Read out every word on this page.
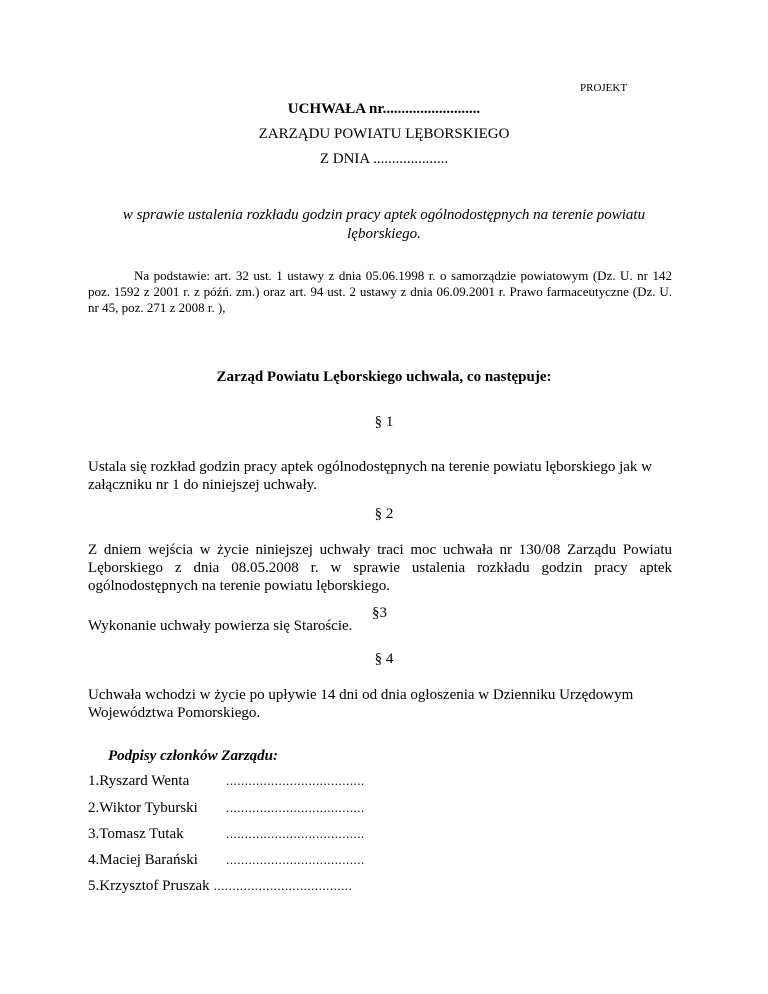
PROJEKT

UCHWAŁA nr..........................

ZARZĄDU POWIATU LĘBORSKIEGO

Z DNIA ....................

w sprawie ustalenia rozkładu godzin pracy aptek ogólnodostępnych na terenie powiatu lęborskiego.

Na podstawie: art. 32 ust. 1 ustawy z dnia 05.06.1998 r. o samorządzie powiatowym (Dz. U. nr 142 poz. 1592 z 2001 r. z późń. zm.) oraz art. 94 ust. 2 ustawy z dnia 06.09.2001 r. Prawo farmaceutyczne (Dz. U. nr 45, poz. 271 z 2008 r. ),

Zarząd Powiatu Lęborskiego uchwala, co następuje:

§ 1

Ustala się rozkład godzin pracy aptek ogólnodostępnych na terenie powiatu lęborskiego jak w załączniku nr 1 do niniejszej uchwały.

§ 2

Z dniem wejścia w życie niniejszej uchwały traci moc uchwała nr 130/08 Zarządu Powiatu Lęborskiego z dnia 08.05.2008 r. w sprawie ustalenia rozkładu godzin pracy aptek ogólnodostępnych na terenie powiatu lęborskiego.

§3

Wykonanie uchwały powierza się Staroście.

§ 4

Uchwała wchodzi w życie po upływie 14 dni od dnia ogłoszenia w Dzienniku Urzędowym Województwa Pomorskiego.

Podpisy członków Zarządu:

1.Ryszard Wenta	.....................................
2.Wiktor Tyburski .....................................
3.Tomasz Tutak	.....................................
4.Maciej Barański .....................................
5.Krzysztof Pruszak .....................................
